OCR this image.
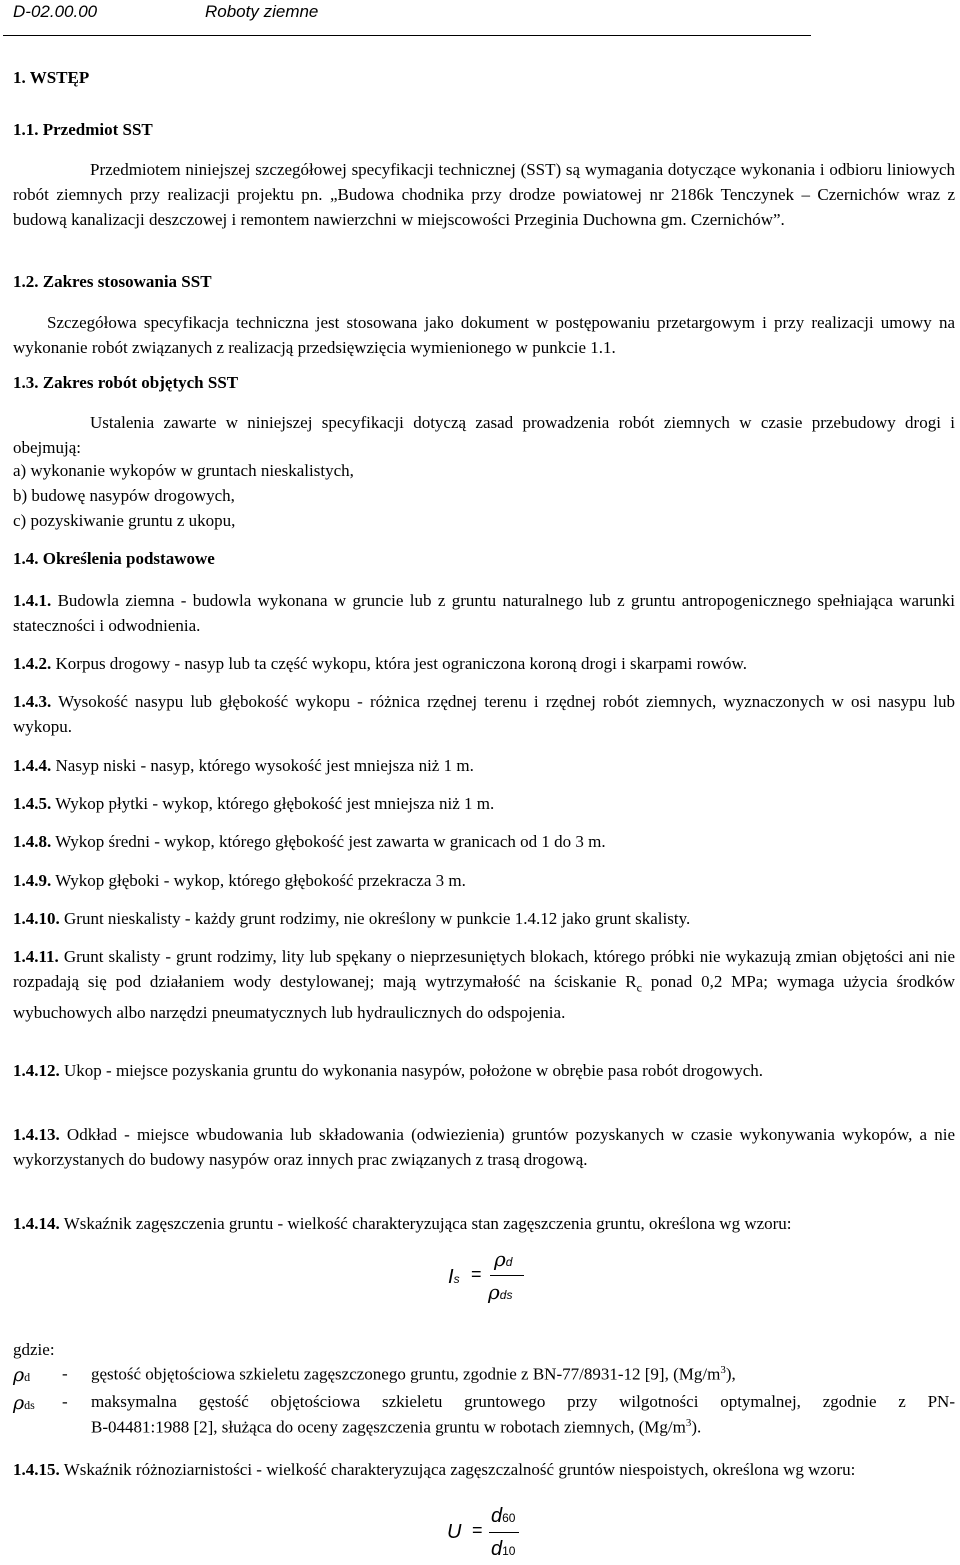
D-02.00.00	Roboty ziemne
1. WSTĘP
1.1. Przedmiot SST
Przedmiotem niniejszej szczegółowej specyfikacji technicznej (SST) są wymagania dotyczące wykonania i odbioru liniowych robót ziemnych przy realizacji projektu pn. „Budowa chodnika przy drodze powiatowej nr 2186k Tenczynek – Czernichów wraz z budową kanalizacji deszczowej i remontem nawierzchni w miejscowości Przeginia Duchowna gm. Czernichów”.
1.2. Zakres stosowania SST
Szczegółowa specyfikacja techniczna jest stosowana jako dokument w postępowaniu przetargowym i przy realizacji umowy na wykonanie robót związanych z realizacją przedsięwzięcia wymienionego w punkcie 1.1.
1.3. Zakres robót objętych SST
Ustalenia zawarte w niniejszej specyfikacji dotyczą zasad prowadzenia robót ziemnych w czasie przebudowy drogi i obejmują:
a) wykonanie wykopów w gruntach nieskalistych,
b) budowę nasypów drogowych,
c) pozyskiwanie gruntu z ukopu,
1.4. Określenia podstawowe
1.4.1. Budowla ziemna - budowla wykonana w gruncie lub z gruntu naturalnego lub z gruntu antropogenicznego spełniająca warunki stateczności i odwodnienia.
1.4.2. Korpus drogowy - nasyp lub ta część wykopu, która jest ograniczona koroną drogi i skarpami rowów.
1.4.3. Wysokość nasypu lub głębokość wykopu - różnica rzędnej terenu i rzędnej robót ziemnych, wyznaczonych w osi nasypu lub wykopu.
1.4.4. Nasyp niski - nasyp, którego wysokość jest mniejsza niż 1 m.
1.4.5. Wykop płytki - wykop, którego głębokość jest mniejsza niż 1 m.
1.4.8. Wykop średni - wykop, którego głębokość jest zawarta w granicach od 1 do 3 m.
1.4.9. Wykop głęboki - wykop, którego głębokość przekracza 3 m.
1.4.10. Grunt nieskalisty - każdy grunt rodzimy, nie określony w punkcie 1.4.12 jako grunt skalisty.
1.4.11. Grunt skalisty - grunt rodzimy, lity lub spękany o nieprzesuniętych blokach, którego próbki nie wykazują zmian objętości ani nie rozpadają się pod działaniem wody destylowanej; mają wytrzymałość na ściskanie $R_c$ ponad 0,2 MPa; wymaga użycia środków wybuchowych albo narzędzi pneumatycznych lub hydraulicznych do odspojenia.
1.4.12. Ukop - miejsce pozyskania gruntu do wykonania nasypów, położone w obrębie pasa robót drogowych.
1.4.13. Odkład - miejsce wbudowania lub składowania (odwiezienia) gruntów pozyskanych w czasie wykonywania wykopów, a nie wykorzystanych do budowy nasypów oraz innych prac związanych z trasą drogową.
1.4.14. Wskaźnik zagęszczenia gruntu - wielkość charakteryzująca stan zagęszczenia gruntu, określona wg wzoru:
Is =
ρd
ρds
gdzie:
ρd - gęstość objętościowa szkieletu zagęszczonego gruntu, zgodnie z BN-77/8931-12 [9], $(Mg/m^3)$,
ρds - maksymalna gęstość objętościowa szkieletu gruntowego przy wilgotności optymalnej, zgodnie z PN-
B-04481:1988 [2], służąca do oceny zagęszczenia gruntu w robotach ziemnych, $(Mg/m^3)$.
1.4.15. Wskaźnik różnoziarnistości - wielkość charakteryzująca zagęszczalność gruntów niespoistych, określona wg wzoru:
U =
d60
d10
